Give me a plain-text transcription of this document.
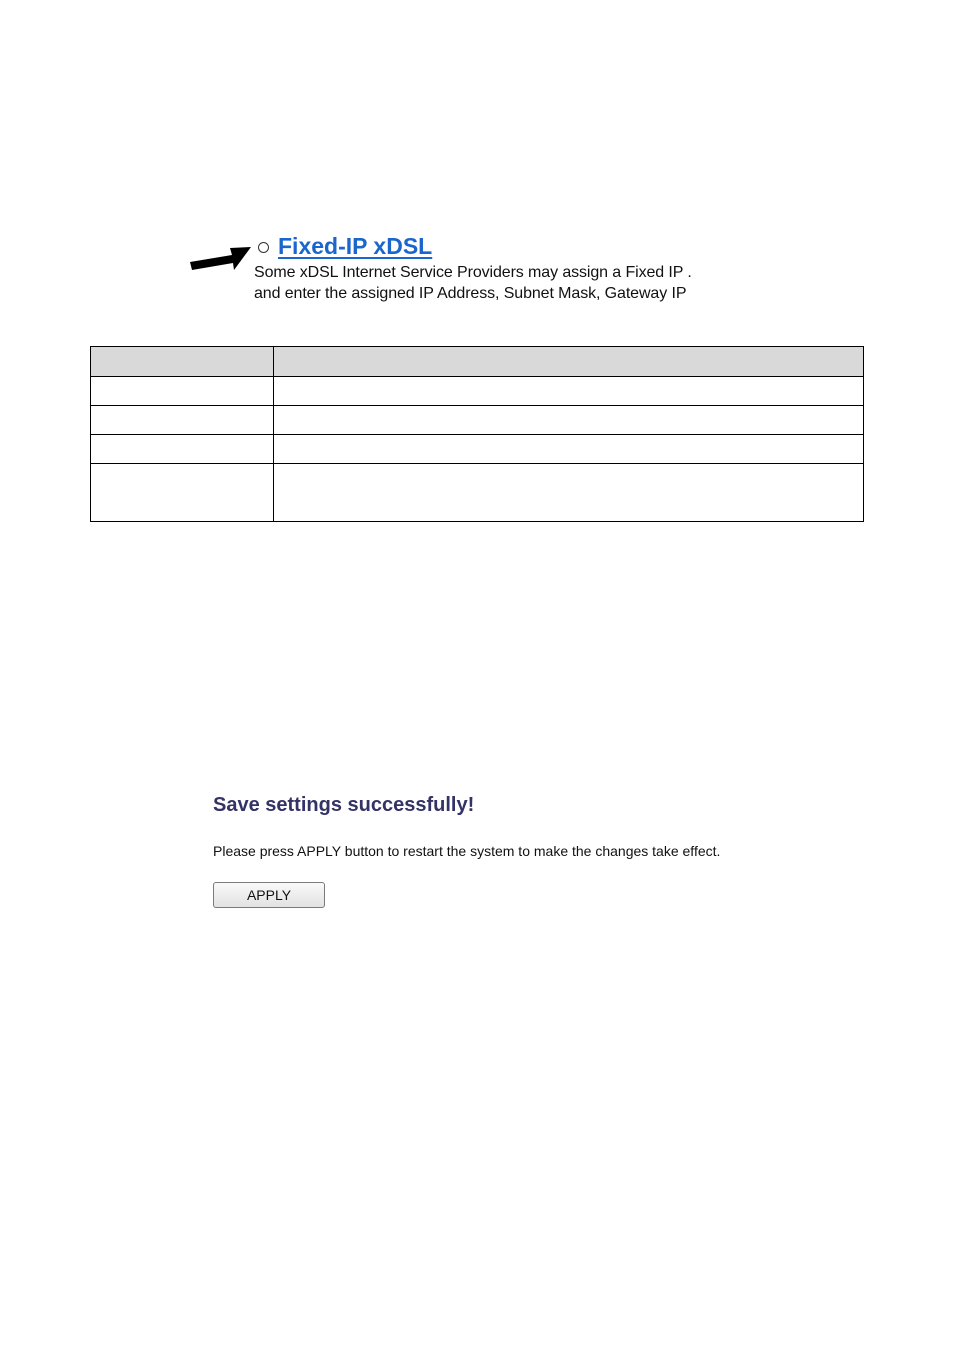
Fixed-IP xDSL
Some xDSL Internet Service Providers may assign a Fixed IP .
and enter the assigned IP Address, Subnet Mask, Gateway IP

Save settings successfully!
Please press APPLY button to restart the system to make the changes take effect.
APPLY
